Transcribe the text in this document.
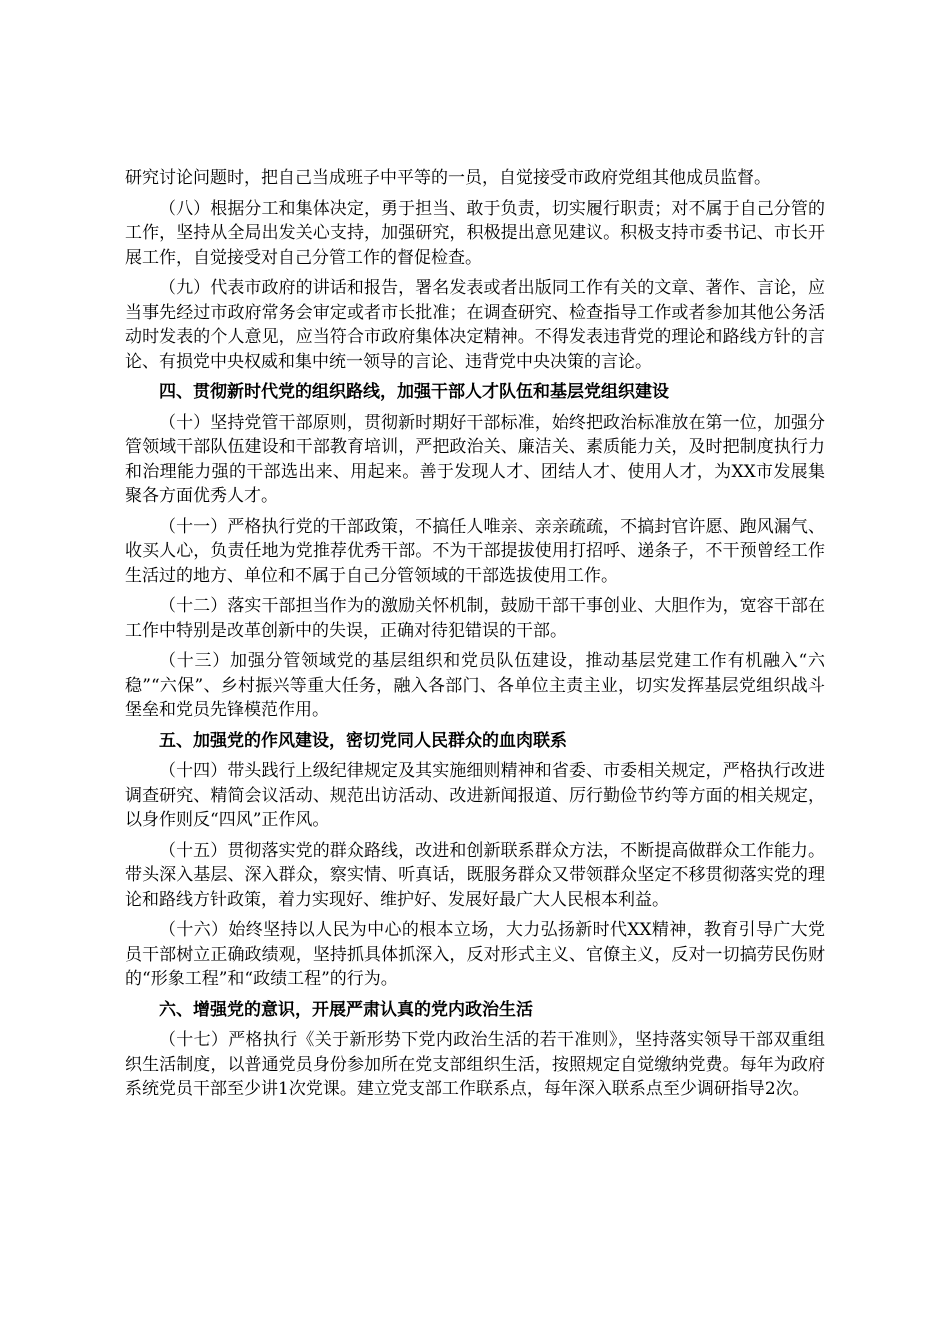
研究讨论问题时，把自己当成班子中平等的一员，自觉接受市政府党组其他成员监督。

（八）根据分工和集体决定，勇于担当、敢于负责，切实履行职责；对不属于自己分管的工作，坚持从全局出发关心支持，加强研究，积极提出意见建议。积极支持市委书记、市长开展工作，自觉接受对自己分管工作的督促检查。

（九）代表市政府的讲话和报告，署名发表或者出版同工作有关的文章、著作、言论，应当事先经过市政府常务会审定或者市长批准；在调查研究、检查指导工作或者参加其他公务活动时发表的个人意见，应当符合市政府集体决定精神。不得发表违背党的理论和路线方针的言论、有损党中央权威和集中统一领导的言论、违背党中央决策的言论。

四、贯彻新时代党的组织路线，加强干部人才队伍和基层党组织建设

（十）坚持党管干部原则，贯彻新时期好干部标准，始终把政治标准放在第一位，加强分管领域干部队伍建设和干部教育培训，严把政治关、廉洁关、素质能力关，及时把制度执行力和治理能力强的干部选出来、用起来。善于发现人才、团结人才、使用人才，为XX市发展集聚各方面优秀人才。

（十一）严格执行党的干部政策，不搞任人唯亲、亲亲疏疏，不搞封官许愿、跑风漏气、收买人心，负责任地为党推荐优秀干部。不为干部提拔使用打招呼、递条子，不干预曾经工作生活过的地方、单位和不属于自己分管领域的干部选拔使用工作。

（十二）落实干部担当作为的激励关怀机制，鼓励干部干事创业、大胆作为，宽容干部在工作中特别是改革创新中的失误，正确对待犯错误的干部。

（十三）加强分管领域党的基层组织和党员队伍建设，推动基层党建工作有机融入“六稳”“六保”、乡村振兴等重大任务，融入各部门、各单位主责主业，切实发挥基层党组织战斗堡垒和党员先锋模范作用。

五、加强党的作风建设，密切党同人民群众的血肉联系

（十四）带头践行上级纪律规定及其实施细则精神和省委、市委相关规定，严格执行改进调查研究、精简会议活动、规范出访活动、改进新闻报道、厉行勤俭节约等方面的相关规定，以身作则反“四风”正作风。

（十五）贯彻落实党的群众路线，改进和创新联系群众方法，不断提高做群众工作能力。带头深入基层、深入群众，察实情、听真话，既服务群众又带领群众坚定不移贯彻落实党的理论和路线方针政策，着力实现好、维护好、发展好最广大人民根本利益。

（十六）始终坚持以人民为中心的根本立场，大力弘扬新时代XX精神，教育引导广大党员干部树立正确政绩观，坚持抓具体抓深入，反对形式主义、官僚主义，反对一切搞劳民伤财的“形象工程”和“政绩工程”的行为。

六、增强党的意识，开展严肃认真的党内政治生活

（十七）严格执行《关于新形势下党内政治生活的若干准则》，坚持落实领导干部双重组织生活制度，以普通党员身份参加所在党支部组织生活，按照规定自觉缴纳党费。每年为政府系统党员干部至少讲1次党课。建立党支部工作联系点，每年深入联系点至少调研指导2次。
